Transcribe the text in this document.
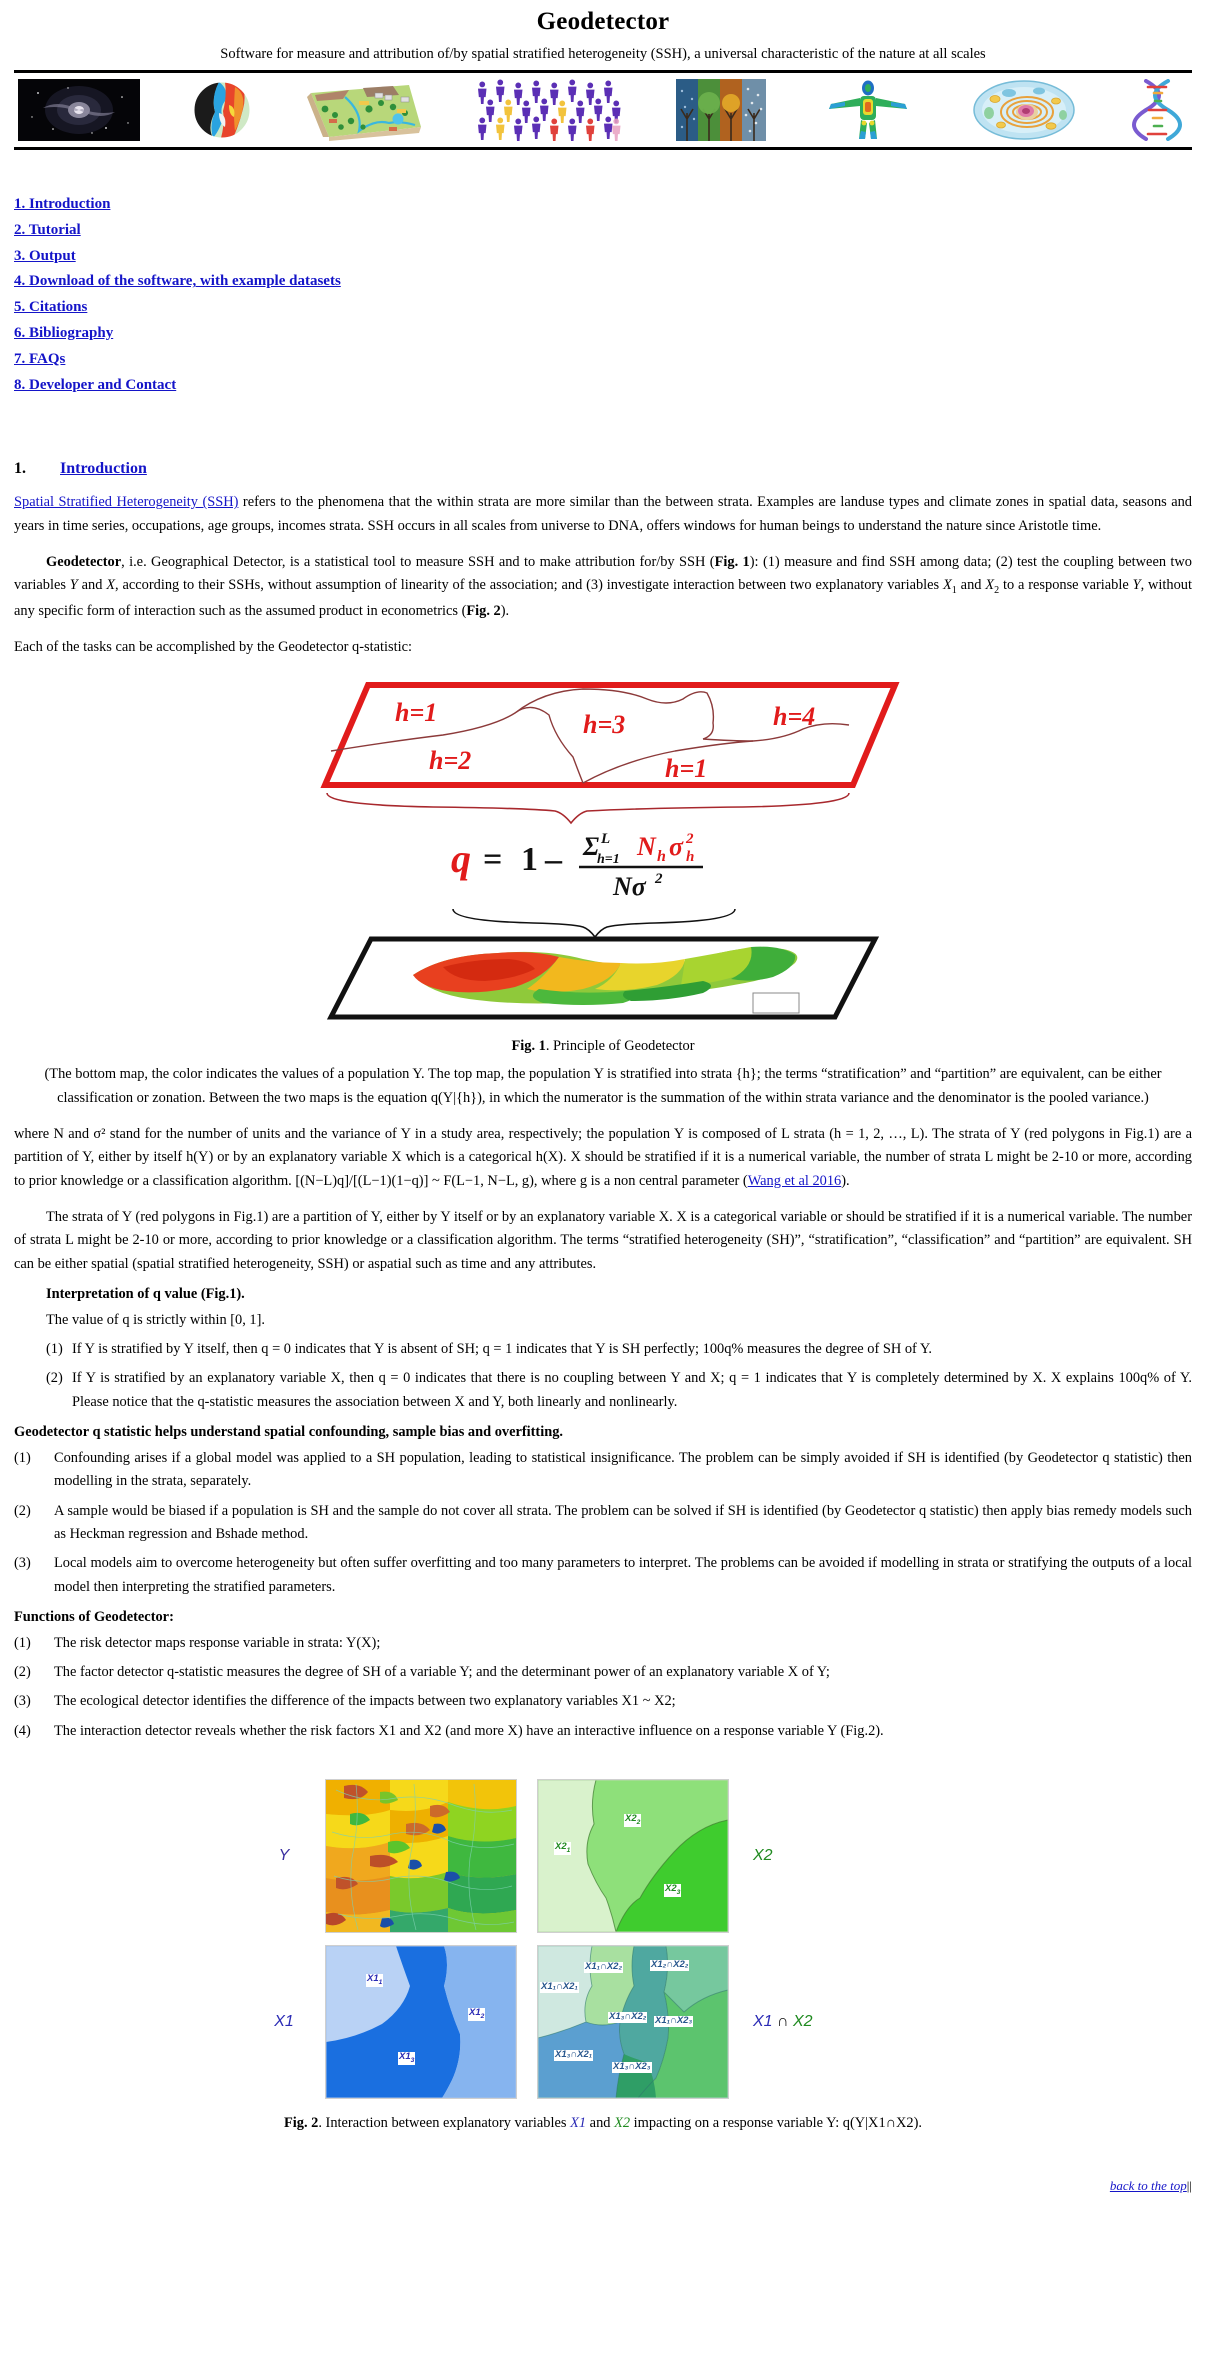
Geodetector
Software for measure and attribution of/by spatial stratified heterogeneity (SSH), a universal characteristic of the nature at all scales
1. Introduction
2. Tutorial
3. Output
4. Download of the software, with example datasets
5. Citations
6. Bibliography
7. FAQs
8. Developer and Contact
1.	Introduction

Spatial Stratified Heterogeneity (SSH) refers to the phenomena that the within strata are more similar than the between strata. Examples are landuse types and climate zones in spatial data, seasons and years in time series, occupations, age groups, incomes strata. SSH occurs in all scales from universe to DNA, offers windows for human beings to understand the nature since Aristotle time.

Geodetector, i.e. Geographical Detector, is a statistical tool to measure SSH and to make attribution for/by SSH (Fig. 1): (1) measure and find SSH among data; (2) test the coupling between two variables Y and X, according to their SSHs, without assumption of linearity of the association; and (3) investigate interaction between two explanatory variables $X_1$ and $X_2$ to a response variable Y, without any specific form of interaction such as the assumed product in econometrics (Fig. 2).

Each of the tasks can be accomplished by the Geodetector q-statistic:

h=1
h=2
h=3	h=4
h=1
q = 1 – Σ L
h=1 N h σ h
2
Nσ 2
Fig. 1. Principle of Geodetector
(The bottom map, the color indicates the values of a population Y. The top map, the population Y is stratified into strata {h}; the terms “stratification” and “partition” are equivalent, can be either classification or zonation. Between the two maps is the equation q(Y|{h}), in which the numerator is the summation of the within strata variance and the denominator is the pooled variance.)

where N and σ² stand for the number of units and the variance of Y in a study area, respectively; the population Y is composed of L strata (h = 1, 2, …, L). The strata of Y (red polygons in Fig.1) are a partition of Y, either by itself h(Y) or by an explanatory variable X which is a categorical h(X). X should be stratified if it is a numerical variable, the number of strata L might be 2-10 or more, according to prior knowledge or a classification algorithm. [(N−L)q]/[(L−1)(1−q)] ~ F(L−1, N−L, g), where g is a non central parameter (Wang et al 2016).

The strata of Y (red polygons in Fig.1) are a partition of Y, either by Y itself or by an explanatory variable X. X is a categorical variable or should be stratified if it is a numerical variable. The number of strata L might be 2-10 or more, according to prior knowledge or a classification algorithm. The terms “stratified heterogeneity (SH)”, “stratification”, “classification” and “partition” are equivalent. SH can be either spatial (spatial stratified heterogeneity, SSH) or aspatial such as time and any attributes.

Interpretation of q value (Fig.1).
The value of q is strictly within [0, 1].
(1) If Y is stratified by Y itself, then q = 0 indicates that Y is absent of SH; q = 1 indicates that Y is SH perfectly; 100q% measures the degree of SH of Y.
(2) If Y is stratified by an explanatory variable X, then q = 0 indicates that there is no coupling between Y and X; q = 1 indicates that Y is completely determined by X. X explains 100q% of Y. Please notice that the q-statistic measures the association between X and Y, both linearly and nonlinearly.
Geodetector q statistic helps understand spatial confounding, sample bias and overfitting.
(1)	Confounding arises if a global model was applied to a SH population, leading to statistical insignificance. The problem can be simply avoided if SH is identified (by Geodetector q statistic) then modelling in the strata, separately.
(2)	A sample would be biased if a population is SH and the sample do not cover all strata. The problem can be solved if SH is identified (by Geodetector q statistic) then apply bias remedy models such as Heckman regression and Bshade method.
(3)	Local models aim to overcome heterogeneity but often suffer overfitting and too many parameters to interpret. The problems can be avoided if modelling in strata or stratifying the outputs of a local model then interpreting the stratified parameters.
Functions of Geodetector:
(1)	The risk detector maps response variable in strata: Y(X);
(2)	The factor detector q-statistic measures the degree of SH of a variable Y; and the determinant power of an explanatory variable X of Y;
(3)	The ecological detector identifies the difference of the impacts between two explanatory variables X1 ~ X2;
(4)	The interaction detector reveals whether the risk factors X1 and X2 (and more X) have an interactive influence on a response variable Y (Fig.2).
Y
$X2_1$
$X2_2$
$X2_3$
X2
X1
$X1_1$
$X1_2$
$X1_3$
X1₁∩X2₁
X1₁∩X2₂	X1₂∩X2₂
X1₃∩X2₂ X1₁∩X2₃
X1₃∩X2₁
X1₃∩X2₃
X1 ∩ X2
Fig. 2. Interaction between explanatory variables X1 and X2 impacting on a response variable Y: q(Y|X1∩X2).
back to the top||
